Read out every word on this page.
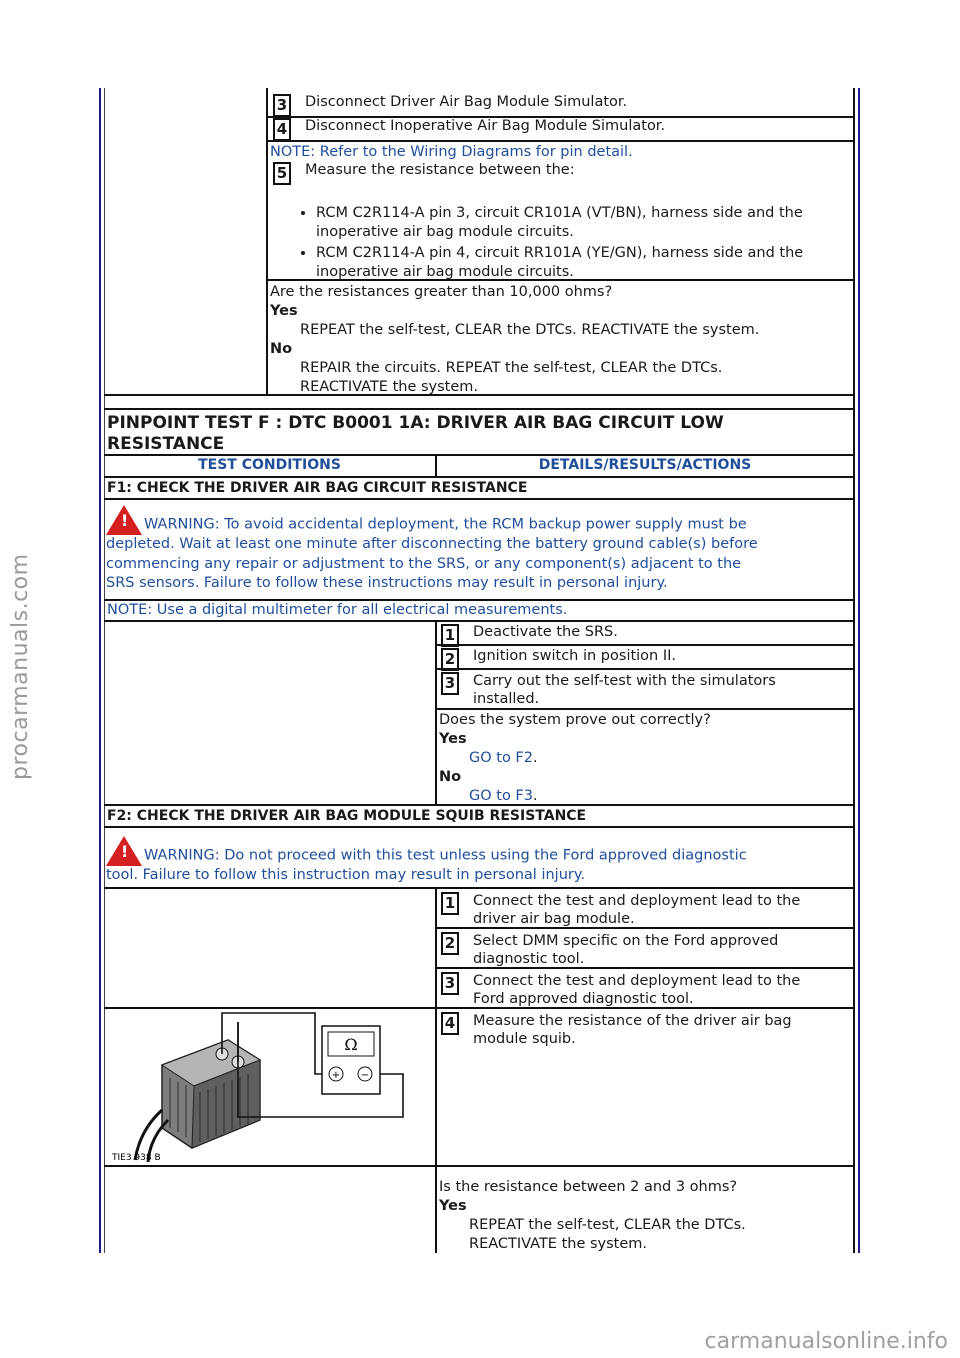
3 Disconnect Driver Air Bag Module Simulator.
4 Disconnect Inoperative Air Bag Module Simulator.
NOTE: Refer to the Wiring Diagrams for pin detail.
5 Measure the resistance between the:
• RCM C2R114-A pin 3, circuit CR101A (VT/BN), harness side and the inoperative air bag module circuits.
• RCM C2R114-A pin 4, circuit RR101A (YE/GN), harness side and the inoperative air bag module circuits.
Are the resistances greater than 10,000 ohms?
Yes
REPEAT the self-test, CLEAR the DTCs. REACTIVATE the system.
No
REPAIR the circuits. REPEAT the self-test, CLEAR the DTCs.
REACTIVATE the system.
PINPOINT TEST F : DTC B0001 1A: DRIVER AIR BAG CIRCUIT LOW
RESISTANCE
TEST CONDITIONS	DETAILS/RESULTS/ACTIONS
F1: CHECK THE DRIVER AIR BAG CIRCUIT RESISTANCE
! WARNING: To avoid accidental deployment, the RCM backup power supply must be
depleted. Wait at least one minute after disconnecting the battery ground cable(s) before
commencing any repair or adjustment to the SRS, or any component(s) adjacent to the
SRS sensors. Failure to follow these instructions may result in personal injury.
NOTE: Use a digital multimeter for all electrical measurements.
1 Deactivate the SRS.
2 Ignition switch in position II.
3 Carry out the self-test with the simulators
installed.
Does the system prove out correctly?
Yes
GO to F2.
No
GO to F3.
F2: CHECK THE DRIVER AIR BAG MODULE SQUIB RESISTANCE
! WARNING: Do not proceed with this test unless using the Ford approved diagnostic
tool. Failure to follow this instruction may result in personal injury.
1 Connect the test and deployment lead to the
driver air bag module.
2 Select DMM specific on the Ford approved
diagnostic tool.
3 Connect the test and deployment lead to the
Ford approved diagnostic tool.
Ω
+ −
TIE3 938 B
4 Measure the resistance of the driver air bag
module squib.
Is the resistance between 2 and 3 ohms?
Yes
REPEAT the self-test, CLEAR the DTCs.
REACTIVATE the system.
procarmanuals.com
carmanualsonline.info
